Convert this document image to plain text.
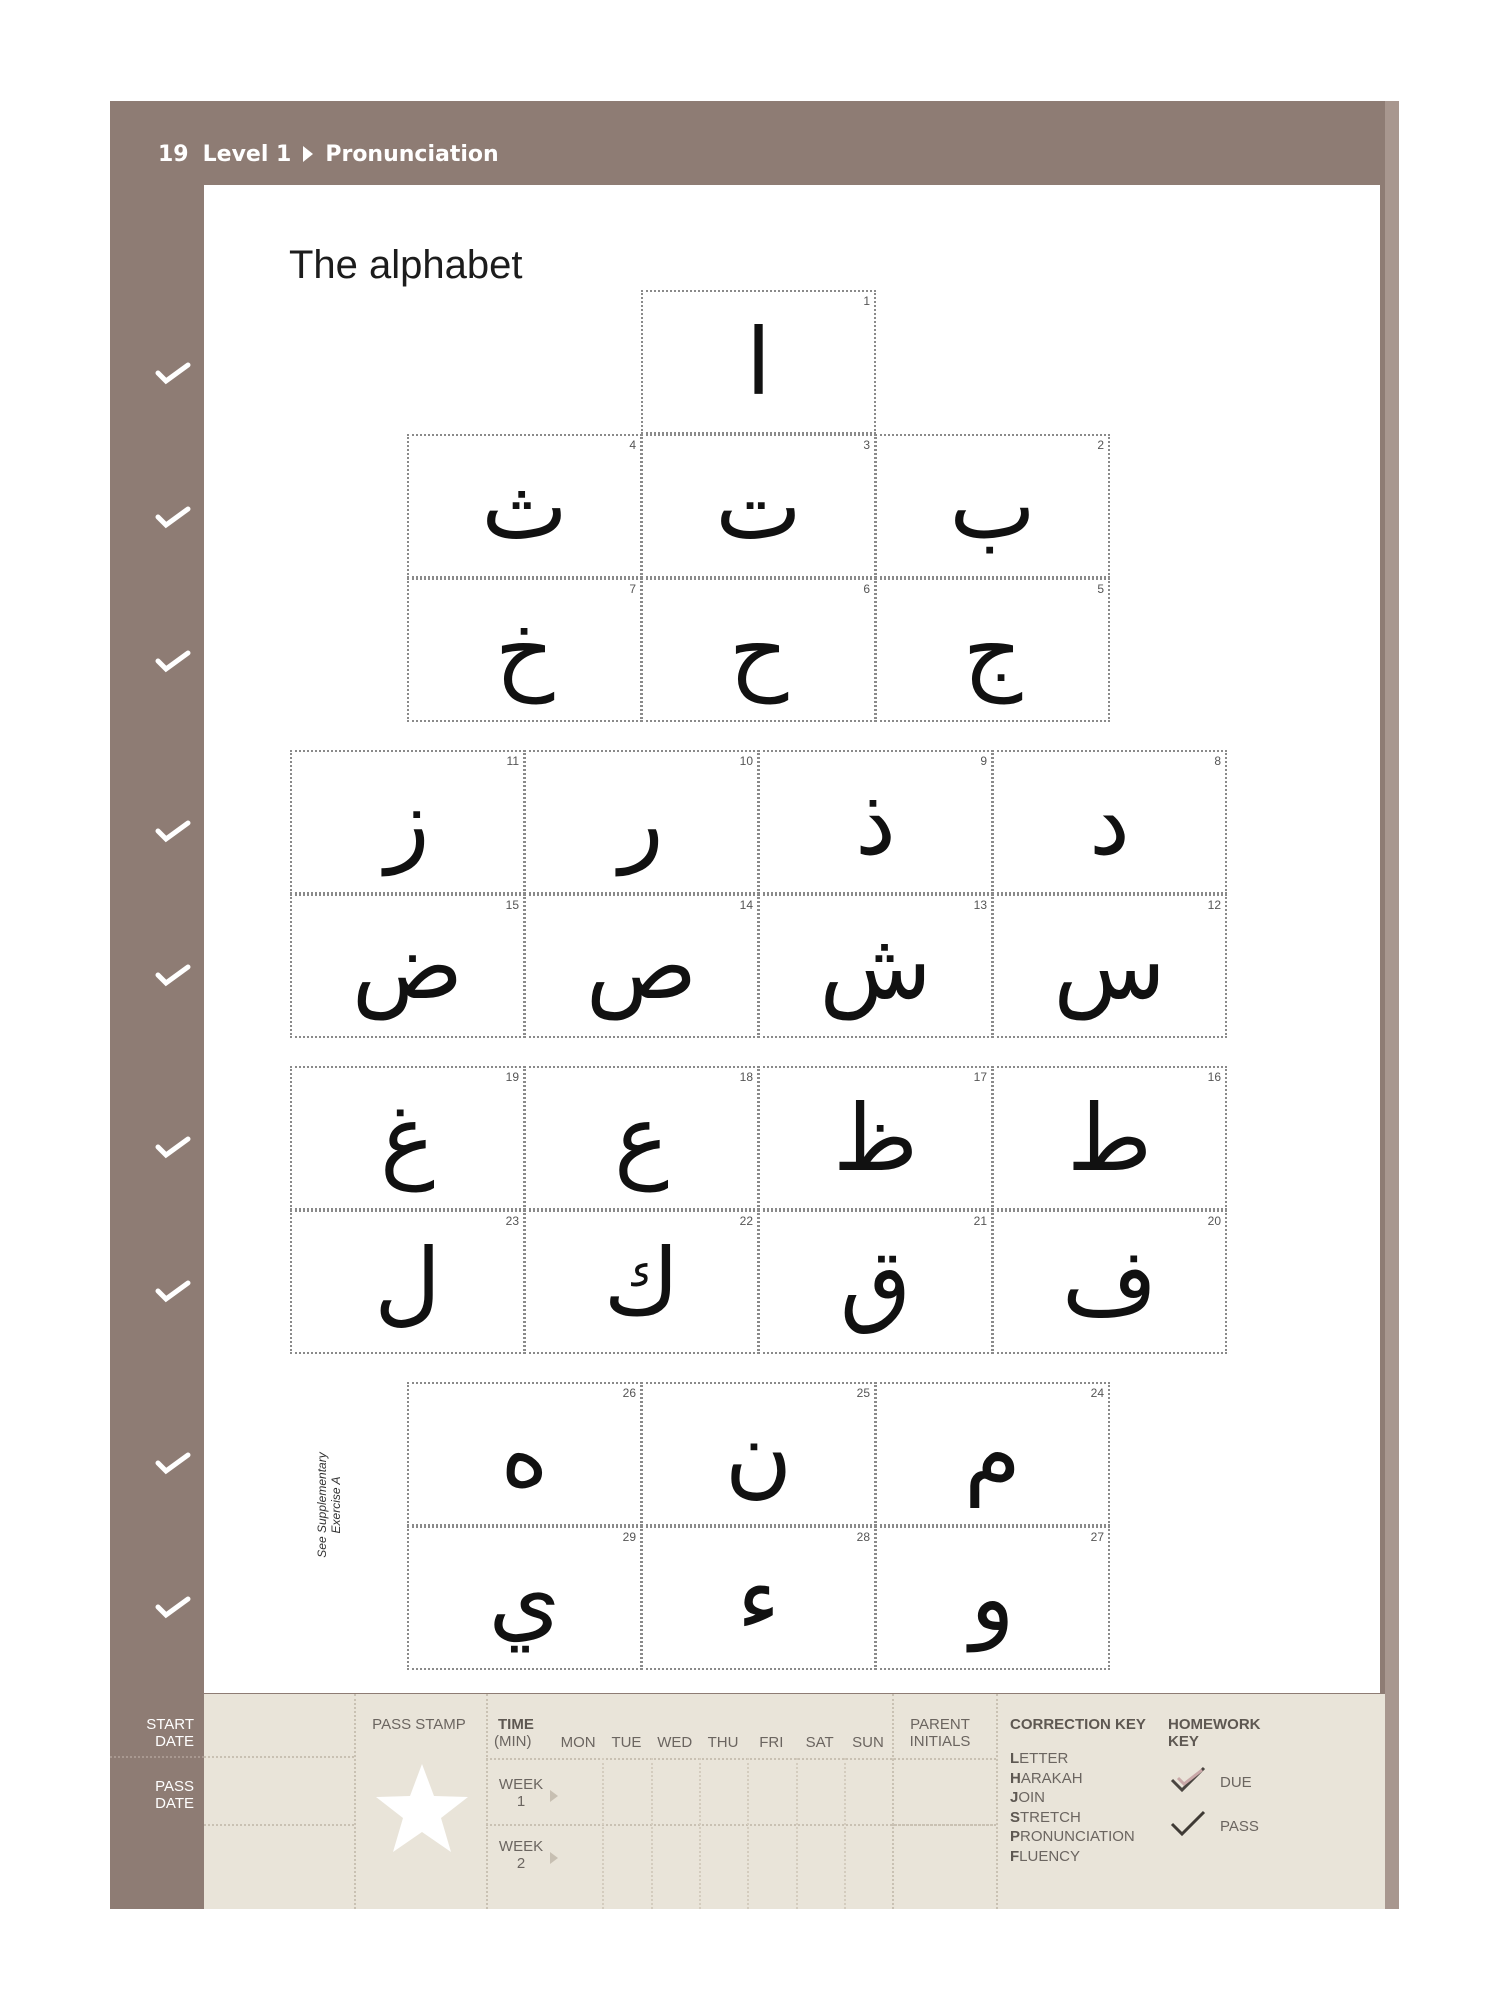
19 Level 1 Pronunciation
The alphabet
1
ا
4
ث
3
ت
2
ب
7
خ
6
ح
5
ج
11
ز
10
ر
9
ذ
8
د
15
ض
14
ص
13
ش
12
س
19
غ
18
ع
17
ظ
16
ط
23
ل
22
ك
21
ق
20
ف
26
ه
25
ن
24
م
29
ي
28
ء
27
و
See Supplementary Exercise A
START DATE
PASS DATE
PASS STAMP	TIME
(MIN)
WEEK 1
WEEK 2
MON	TUE	WED	THU	FRI	SAT	SUN
PARENT INITIALS
CORRECTION KEY
LETTER
HARAKAH
JOIN
STRETCH
PRONUNCIATION
FLUENCY
HOMEWORK KEY
DUE
PASS
